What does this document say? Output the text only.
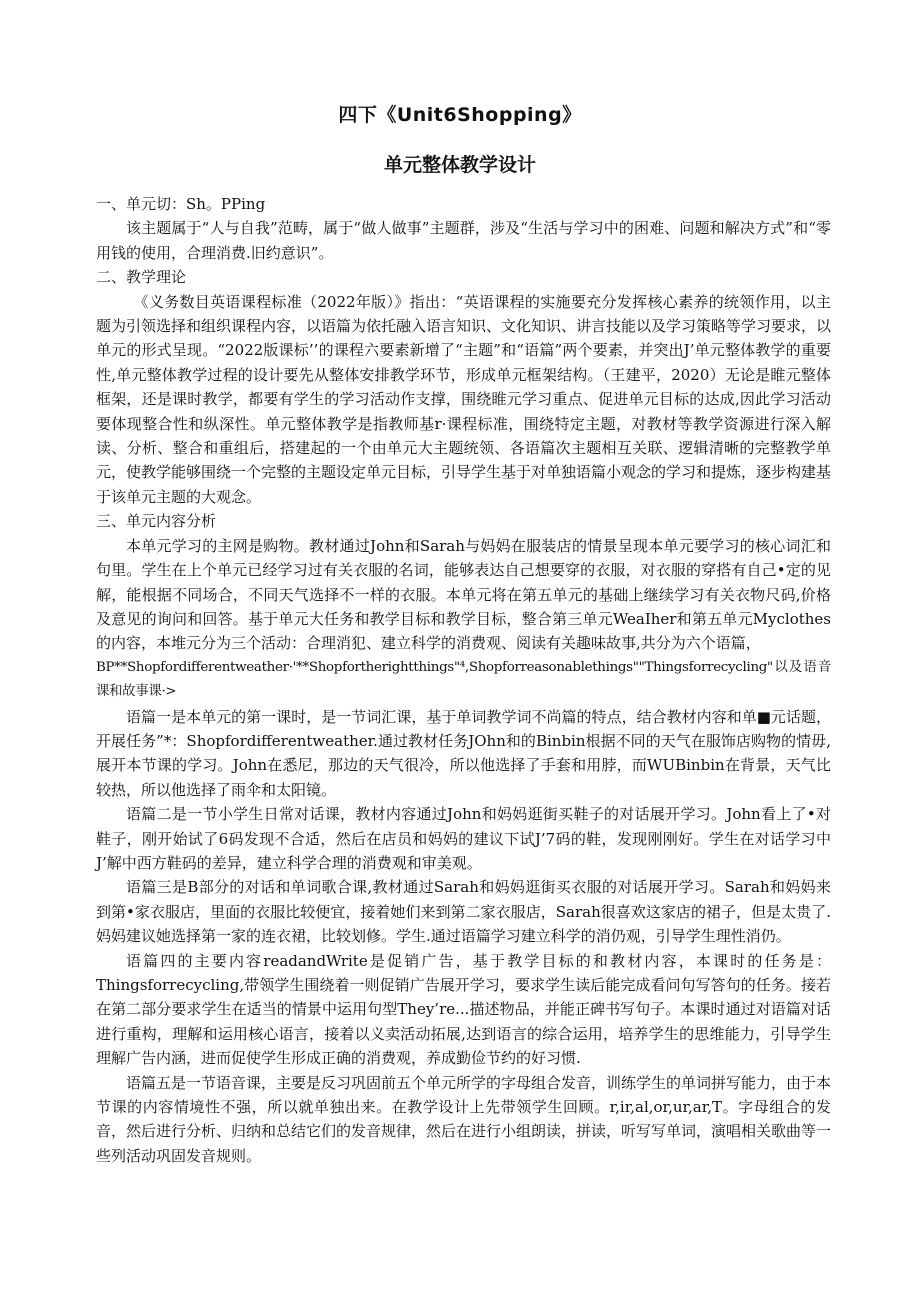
四下《Unit6Shopping》
单元整体教学设计
一、单元切：Sh。PPing
该主题属于“人与自我”范畴，属于“做人做事”主题群，涉及“生活与学习中的困难、问题和解决方式”和“零用钱的使用，合理消费.旧约意识”。
二、教学理论
《义务数目英语课程标准（2022年版）》指出：“英语课程的实施要充分发挥核心素养的统领作用，以主题为引领选择和组织课程内容，以语篇为依托融入语言知识、文化知识、讲言技能以及学习策略等学习要求，以单元的形式呈现。“2022版课标’’的课程六要素新增了“主题”和“语篇”两个要素，并突出J’单元整体教学的重要性,单元整体教学过程的设计要先从整体安排教学环节，形成单元框架结构。（王建平，2020）无论是睢元整体框架，还是课时教学，都要有学生的学习活动作支撑，围绕睢元学习重点、促进单元目标的达成,因此学习活动要体现整合性和纵深性。单元整体教学是指教师基r·课程标准，围绕特定主题，对教材等教学资源进行深入解读、分析、整合和重组后，搭建起的一个由单元大主题统领、各语篇次主题相互关联、逻辑清晰的完整教学单元，使教学能够围绕一个完整的主题设定单元目标，引导学生基于对单独语篇小观念的学习和提炼，逐步构建基于该单元主题的大观念。
三、单元内容分析
本单元学习的主网是购物。教材通过John和Sarah与妈妈在服装店的情景呈现本单元要学习的核心词汇和句里。学生在上个单元已经学习过有关衣服的名词，能够表达自己想要穿的衣服，对衣服的穿搭有自己•定的见解，能根据不同场合，不同天气选择不一样的衣服。本单元将在第五单元的基础上继续学习有关衣物尺码,价格及意见的询问和回答。基于单元大任务和教学目标和教学目标，整合第三单元WeaIher和第五单元Myclothes的内容，本堆元分为三个活动：合理消犯、建立科学的消费观、阅读有关趣味故事,共分为六个语篇，
BP**Shopfordifferentweather·'**Shopfortherightthings"⁴,Shopforreasonablethings""Thingsforrecycling"以及语音课和故事课·>
语篇一是本单元的第一课时，是一节词汇课，基于单词教学词不尚篇的特点，结合教材内容和单■元话题，开展任务”*：Shopfordifferentweather.通过教材任务JOhn和的Binbin根据不同的天气在服饰店购物的情毋,展开本节课的学习。John在悉尼，那边的天气很冷，所以他选择了手套和用脖，而WUBinbin在背景，天气比较热，所以他选择了雨伞和太阳镜。
语篇二是一节小学生日常对话课，教材内容通过John和妈妈逛街买鞋子的对话展开学习。John看上了•对鞋子，刚开始试了6码发现不合适，然后在店员和妈妈的建议下试J’7码的鞋，发现刚刚好。学生在对话学习中J’解中西方鞋码的差异，建立科学合理的消费观和审美观。
语篇三是B部分的对话和单词歌合课,教材通过Sarah和妈妈逛街买衣服的对话展开学习。Sarah和妈妈来到第•家衣服店，里面的衣服比较便宜，接着她们来到第二家衣服店，Sarah很喜欢这家店的裙子，但是太贵了.妈妈建议她选择第一家的连衣裙，比较划修。学生.通过语篇学习建立科学的消仍观，引导学生理性消仍。
语篇四的主要内容readandWrite是促销广告，基于教学目标的和教材内容，本课时的任务是：Thingsforrecycling,带领学生围绕着一则促销广告展开学习，要求学生读后能完成看问句写答句的任务。接若在第二部分要求学生在适当的情景中运用句型They’re...描述物品，并能正碑书写句子。本课时通过对语篇对话进行重构，理解和运用核心语言，接着以义卖活动拓展,达到语言的综合运用，培养学生的思维能力，引导学生理解广告内涵，进而促使学生形成正确的消费观，养成勤俭节约的好习惯.
语篇五是一节语音课，主要是反习巩固前五个单元所学的字母组合发音，训练学生的单词拼写能力，由于本节课的内容情境性不强，所以就单独出来。在教学设计上先带领学生回顾。r,ir,al,or,ur,ar,T。字母组合的发音，然后进行分析、归纳和总结它们的发音规律，然后在进行小组朗读，拼读，听写写单词，演唱相关歌曲等一些列活动巩固发音规则。
